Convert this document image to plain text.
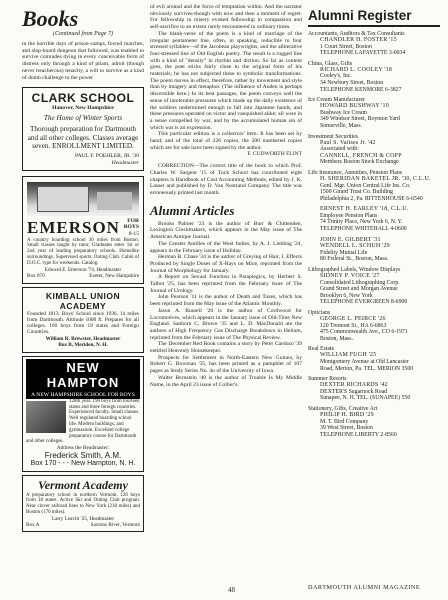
Books
(Continued from Page 7)

in the horrible days of prison-camps, forced marches, and slop-board dungeon that followed, was enabled to survive comrades dying in every conceivable form of distress only through a kind of pliant, adroit (though never treacherous) tenacity, a will to survive as a kind of dumb challenge to the power

CLARK SCHOOL
Hanover, New Hampshire
The Home of Winter Sports
Thorough preparation for Dartmouth and all other colleges. Classes average seven. ENROLLMENT LIMITED.
PAUL F. POEHLER, JR. '30
Headmaster
EMERSON	FOR BOYS
8-15
A country boarding school 30 miles from Boston. Small classes taught by tutor, Graduates enter 1st or 2nd year of leading preparatory schools. Homelike surroundings. Supervised sports. Outing Club. Cabin of D.O.C. type for weekends. Catalog.
Edward E. Emerson '74, Headmaster
Box 870	Exeter, New Hampshire
KIMBALL UNION ACADEMY
Founded 1813. Boys' School since 1936. 14 miles from Dartmouth. Altitude 1000 ft. Prepares for all colleges. 100 boys from 19 states and Foreign Countries.
William R. Brewster, Headmaster
Box B, Meriden, N. H.
NEW HAMPTON
A NEW HAMPSHIRE SCHOOL FOR BOYS
128th year. 190 boys from fourteen states and three foreign countries. Experienced faculty. Small classes. Well regulated boarding school life. Modern buildings, and gymnasium. Excellent college preparatory course for Dartmouth and other colleges.
Address the Headmaster:
Frederick Smith, A.M.
Box 170 - - - New Hampton, N. H.
Vermont Academy
A preparatory school in northern Vermont. 120 boys from 18 states. Active Ski and Outing Club program. Near clover railroad lines to New York (218 miles) and Boston (170 miles).
Larry Leavitt '25, Headmaster
Box A	Saxtons River, Vermont

of evil around and the force of temptation within. And the narrator obviously survives-though with now and then a moment of regret. For fellowship in misery evoked fellowship in compassion and self-sacrifice to an extent rarely encountered in ordinary times.

The blank-verse of the poem is a kind of marriage of the irregular pentameter line, often, in speaking, reducible to four stressed syllables—of the Jacobean playwrights, and the alliterative four-stressed line of Old English poetry. The result is a rugged line with a kind of "density" in rhythm and diction. So far as content goes, the poet sticks fairly close to the original form of his materials; he has not subjected these to symbolic transformations. The poem moves in effect, therefore, rather by movement and style than by imagery and metaphor. (The influence of Auden is perhaps discernible here.) In its best passages, the poem conveys well the sense of intolerable pressures which made up the daily existence of the soldiers undermined enough to fall into Japanese hands, and these pressures operated on victor and vanquished alike; all were in a sense compelled by war, and by the accumulated human sin of which war is an expression.

This particular edition is a collectors' item. It has been set by hand; and of the total of 226 copies, the 200 numbered copies which are for sale have been signed by the author.

F. CUDWORTH FLINT

CORRECTION—The correct title of the book to which Prof. Charles W. Sargent '15 of Tuck School has contributed eight chapters is Handbook of Cost Accounting Methods, edited by J. K. Lasser and published by D. Van Nostrand Company. The title was erroneously printed last month.

Alumni Articles

Brooks Palmer '23 is the author of Burr & Chittenden, Lexington Clockmakers, which appears in the May issue of The American Antique Journal.

The Greater Antilles of the West Indies, by A. J. Liebling '24, appears in the February issue of Holiday.

Herman B. Chase '34 is the author of Greying of Hair, I. Effects Produced by Single Doses of X-Rays on Mice, reprinted from the Journal of Morphology for January.

A Report on Sexual Function in Paraplegics, by Herbert S. Talbot '25, has been reprinted from the February issue of The Journal of Urology.

John Pearson '11 is the author of Death and Taxes, which has been reprinted from the May issue of the Atlantic Monthly.

Jason A. Russell '20 is the author of Cordwood for Locomotives, which appears in the January issue of Old-Time New England. Sanborn C. Brown '35 and L. D. MacDonald are the authors of High Frequency Gas Discharge Breakdown in Helium, reprinted from the February issue of The Physical Review.

The December Red Book contains a story by Peter Cardozo '39 entitled Heavenly Housekeeper.

Prospects for Settlement in North-Eastern New Guinea, by Robert G. Bowman '35, has been printed as a pamphlet of 107 pages as Study Series No. 4o of the University of Iowa.

Walter Bernstein '40 is the author of Trouble Is My Middle Name, in the April 23 issue of Collier's.

Alumni Register
Accountants, Auditors & Tax Consultants
CHANDLER H. FOSTER '15
1 Court Street, Boston
TELEPHONE LAFAYETTE 3-0034
China, Glass, Gifts
RICHARD L. COOLEY '18
Cooley's, Inc.
34 Newbury Street, Boston
TELEPHONE KENMORE 6-3827
Ice Cream Manufacturer
HOWARD BUSHWAY '10
Bushway Ice Cream
349 Windsor Street, Boynton Yard
Somerville, Mass.
Investment Securities
Paul S. Vaitses Jr. '42
Associated with:
CANNELL, FRENCH & COPP
Members Boston Stock Exchange
Life Insurance, Annuities, Pension Plans
H. SHERIDAN BAKETEL JR. '30, C.L.U.
Genl. Mgr. Union Central Life Ins. Co.
1500 Girard Trust Co. Building
Philadelphia 2, Pa. RITTENHOUSE 6-6540
ERNEST H. EARLEY '18, C.L.U.
Employee Pension Plans
74 Trinity Place, New York 6, N. Y.
TELEPHONE WHITEHALL 4-0600
JOHN E. GILBERT '31
WENDELL L. SCHUH '29
Fidelity Mutual Life
80 Federal St., Boston, Mass.
Lithographed Labels, Window Displays
SIDNEY P. VOICE '27
Consolidated Lithographing Corp.
Grand Street and Morgan Avenue
Brooklyn 6, New York
TELEPHONE EVERGREEN 8-6900
Opticians
GEORGE L. PEIRCE '26
120 Tremont St., HA 6-6863
475 Commonwealth Ave., CO 6-1971
Boston, Mass.
Real Estate
WILLIAM FUGH '25
Montgomery Avenue at Old Lancaster
Road, Merion, Pa. TEL. MERION 3500
Summer Resorts
DEXTER RICHARDS '42
DEXTER'S Sugarnock Road
Sunapee, N. H. TEL. (SUNAPEE) 550
Stationery, Gifts, Creative Art
PHILIP H. BIRD '29
M. T. Bird Company
39 West Street, Boston
TELEPHONE LIBERTY 2-8560
48	DARTMOUTH ALUMNI MAGAZINE
